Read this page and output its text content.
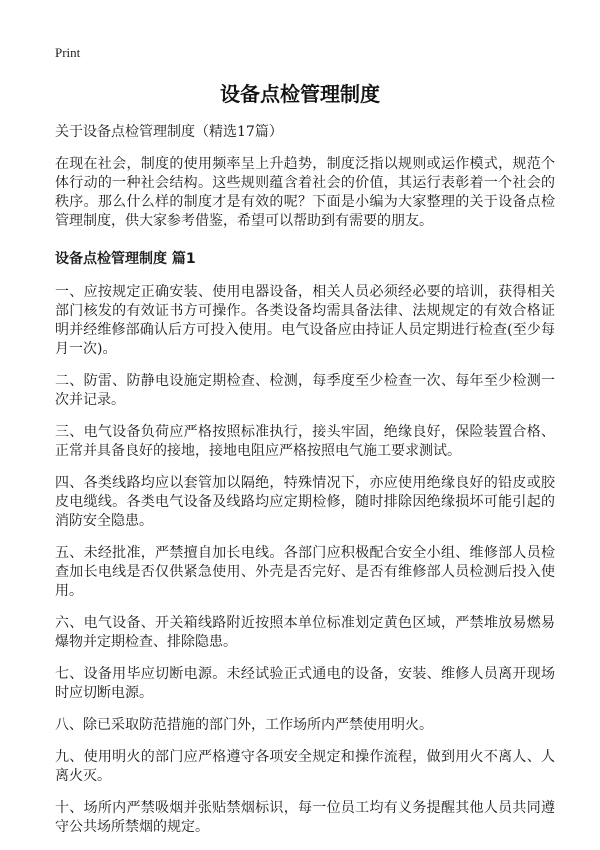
Print
设备点检管理制度

关于设备点检管理制度（精选17篇）

在现在社会，制度的使用频率呈上升趋势，制度泛指以规则或运作模式，规范个体行动的一种社会结构。这些规则蕴含着社会的价值，其运行表彰着一个社会的秩序。那么什么样的制度才是有效的呢？下面是小编为大家整理的关于设备点检管理制度，供大家参考借鉴，希望可以帮助到有需要的朋友。

设备点检管理制度 篇1

一、应按规定正确安装、使用电器设备，相关人员必须经必要的培训，获得相关部门核发的有效证书方可操作。各类设备均需具备法律、法规规定的有效合格证明并经维修部确认后方可投入使用。电气设备应由持证人员定期进行检查(至少每月一次)。

二、防雷、防静电设施定期检查、检测，每季度至少检查一次、每年至少检测一次并记录。

三、电气设备负荷应严格按照标准执行，接头牢固，绝缘良好，保险装置合格、正常并具备良好的接地，接地电阻应严格按照电气施工要求测试。

四、各类线路均应以套管加以隔绝，特殊情况下，亦应使用绝缘良好的铅皮或胶皮电缆线。各类电气设备及线路均应定期检修，随时排除因绝缘损坏可能引起的消防安全隐患。

五、未经批准，严禁擅自加长电线。各部门应积极配合安全小组、维修部人员检查加长电线是否仅供紧急使用、外壳是否完好、是否有维修部人员检测后投入使用。

六、电气设备、开关箱线路附近按照本单位标准划定黄色区域，严禁堆放易燃易爆物并定期检查、排除隐患。

七、设备用毕应切断电源。未经试验正式通电的设备，安装、维修人员离开现场时应切断电源。

八、除已采取防范措施的部门外，工作场所内严禁使用明火。

九、使用明火的部门应严格遵守各项安全规定和操作流程，做到用火不离人、人离火灭。

十、场所内严禁吸烟并张贴禁烟标识，每一位员工均有义务提醒其他人员共同遵守公共场所禁烟的规定。
